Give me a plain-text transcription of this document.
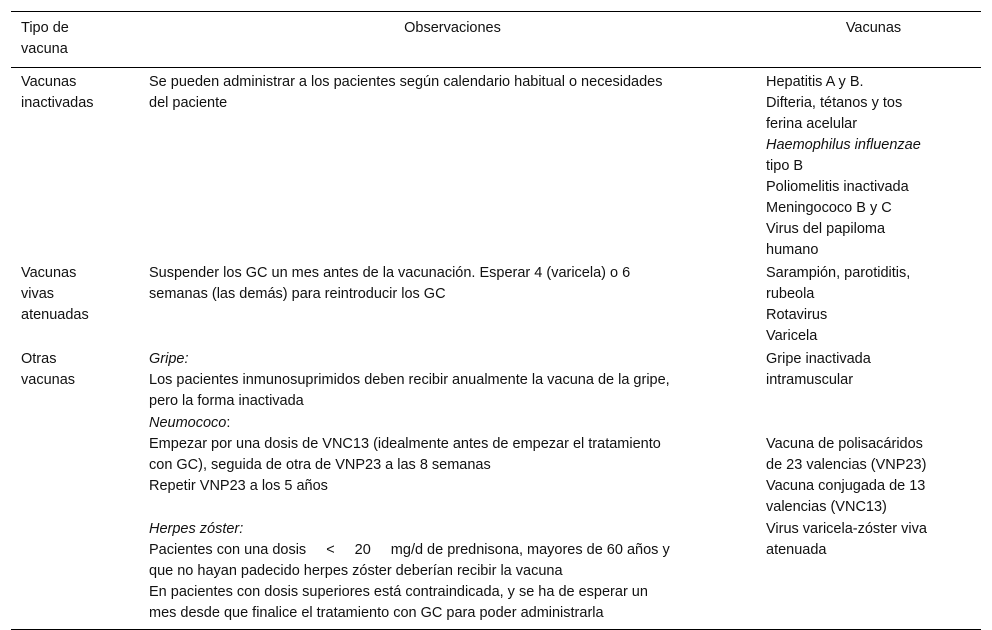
Tipo de
vacuna
Observaciones	Vacunas
Vacunas
inactivadas
Se pueden administrar a los pacientes según calendario habitual o necesidades
del paciente
Hepatitis A y B.
Difteria, tétanos y tos
ferina acelular
Haemophilus influenzae
tipo B
Poliomelitis inactivada
Meningococo B y C
Virus del papiloma
humano
Vacunas
vivas
atenuadas
Suspender los GC un mes antes de la vacunación. Esperar 4 (varicela) o 6
semanas (las demás) para reintroducir los GC
Sarampión, parotiditis,
rubeola
Rotavirus
Varicela
Otras
vacunas
Gripe:
Los pacientes inmunosuprimidos deben recibir anualmente la vacuna de la gripe,
pero la forma inactivada
Gripe inactivada
intramuscular
Neumococo:
Empezar por una dosis de VNC13 (idealmente antes de empezar el tratamiento
con GC), seguida de otra de VNP23 a las 8 semanas
Repetir VNP23 a los 5 años

Vacuna de polisacáridos
de 23 valencias (VNP23)
Vacuna conjugada de 13
valencias (VNC13)
Herpes zóster:
Pacientes con una dosis < 20 mg/d de prednisona, mayores de 60 años y
que no hayan padecido herpes zóster deberían recibir la vacuna
En pacientes con dosis superiores está contraindicada, y se ha de esperar un
mes desde que finalice el tratamiento con GC para poder administrarla
Virus varicela-zóster viva
atenuada
